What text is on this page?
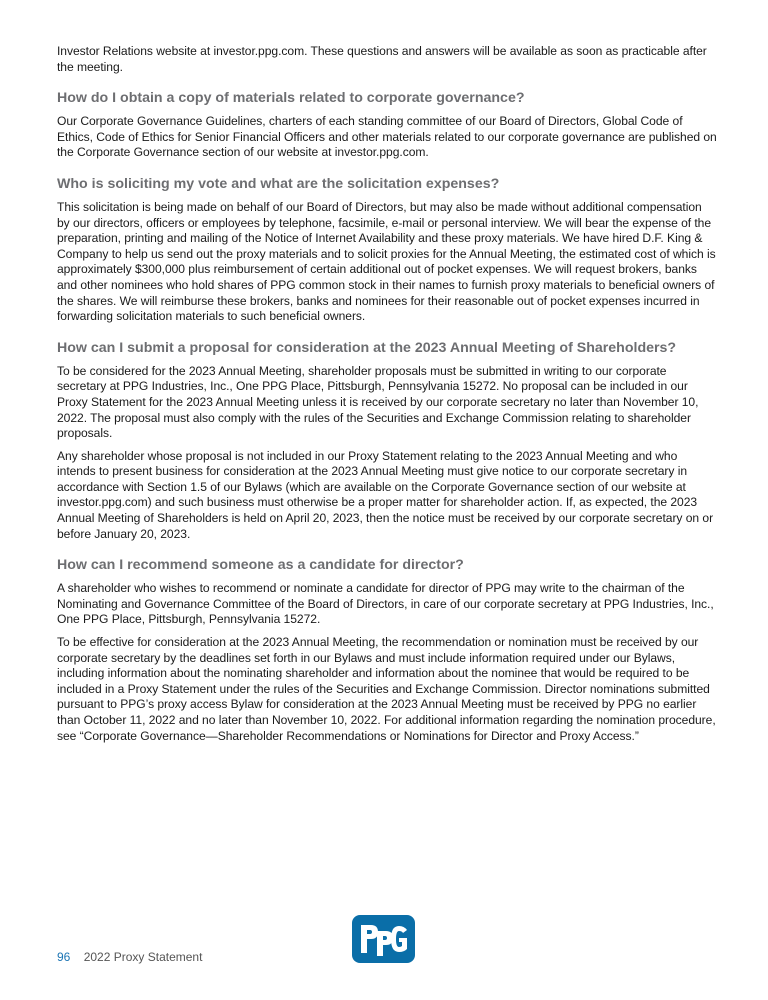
Investor Relations website at investor.ppg.com. These questions and answers will be available as soon as practicable after the meeting.

How do I obtain a copy of materials related to corporate governance?

Our Corporate Governance Guidelines, charters of each standing committee of our Board of Directors, Global Code of Ethics, Code of Ethics for Senior Financial Officers and other materials related to our corporate governance are published on the Corporate Governance section of our website at investor.ppg.com.

Who is soliciting my vote and what are the solicitation expenses?

This solicitation is being made on behalf of our Board of Directors, but may also be made without additional compensation by our directors, officers or employees by telephone, facsimile, e-mail or personal interview. We will bear the expense of the preparation, printing and mailing of the Notice of Internet Availability and these proxy materials. We have hired D.F. King & Company to help us send out the proxy materials and to solicit proxies for the Annual Meeting, the estimated cost of which is approximately $300,000 plus reimbursement of certain additional out of pocket expenses. We will request brokers, banks and other nominees who hold shares of PPG common stock in their names to furnish proxy materials to beneficial owners of the shares. We will reimburse these brokers, banks and nominees for their reasonable out of pocket expenses incurred in forwarding solicitation materials to such beneficial owners.

How can I submit a proposal for consideration at the 2023 Annual Meeting of Shareholders?

To be considered for the 2023 Annual Meeting, shareholder proposals must be submitted in writing to our corporate secretary at PPG Industries, Inc., One PPG Place, Pittsburgh, Pennsylvania 15272. No proposal can be included in our Proxy Statement for the 2023 Annual Meeting unless it is received by our corporate secretary no later than November 10, 2022. The proposal must also comply with the rules of the Securities and Exchange Commission relating to shareholder proposals.

Any shareholder whose proposal is not included in our Proxy Statement relating to the 2023 Annual Meeting and who intends to present business for consideration at the 2023 Annual Meeting must give notice to our corporate secretary in accordance with Section 1.5 of our Bylaws (which are available on the Corporate Governance section of our website at investor.ppg.com) and such business must otherwise be a proper matter for shareholder action. If, as expected, the 2023 Annual Meeting of Shareholders is held on April 20, 2023, then the notice must be received by our corporate secretary on or before January 20, 2023.

How can I recommend someone as a candidate for director?

A shareholder who wishes to recommend or nominate a candidate for director of PPG may write to the chairman of the Nominating and Governance Committee of the Board of Directors, in care of our corporate secretary at PPG Industries, Inc., One PPG Place, Pittsburgh, Pennsylvania 15272.

To be effective for consideration at the 2023 Annual Meeting, the recommendation or nomination must be received by our corporate secretary by the deadlines set forth in our Bylaws and must include information required under our Bylaws, including information about the nominating shareholder and information about the nominee that would be required to be included in a Proxy Statement under the rules of the Securities and Exchange Commission. Director nominations submitted pursuant to PPG’s proxy access Bylaw for consideration at the 2023 Annual Meeting must be received by PPG no earlier than October 11, 2022 and no later than November 10, 2022. For additional information regarding the nomination procedure, see “Corporate Governance—Shareholder Recommendations or Nominations for Director and Proxy Access.”

96 2022 Proxy Statement
